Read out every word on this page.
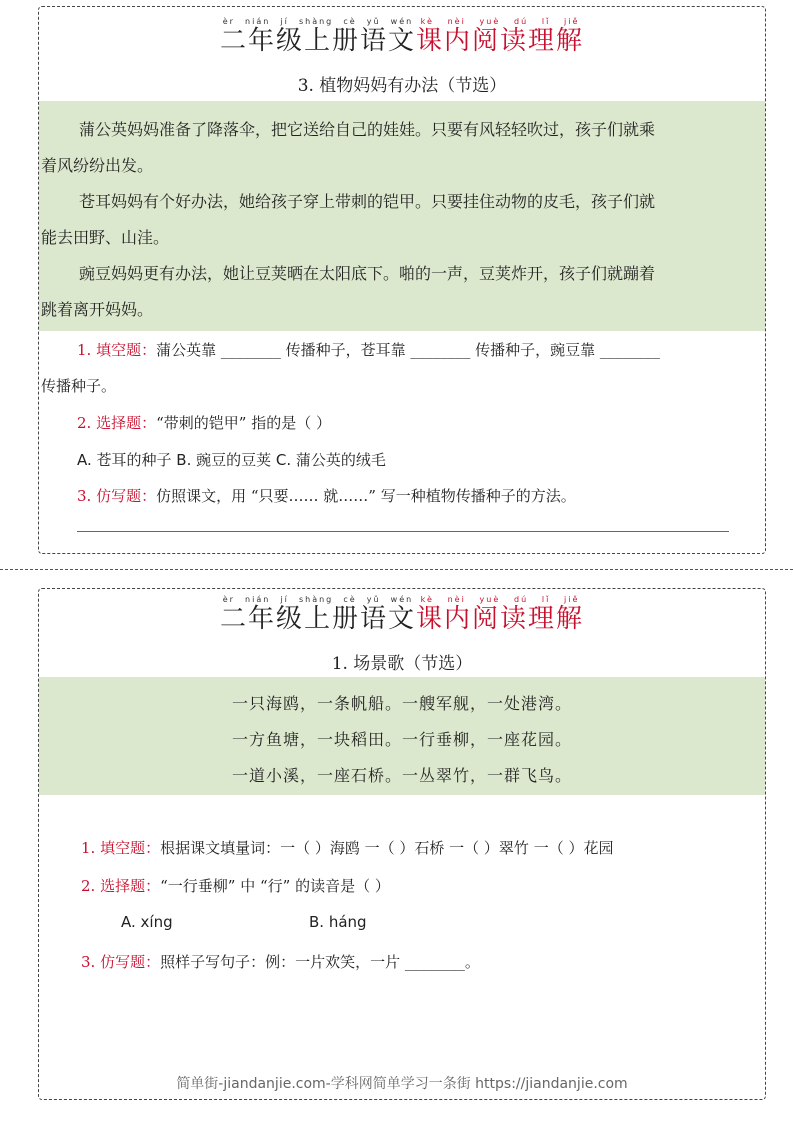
二年级上册语文èr nián jí shàng cè yǔ wén课内阅读理解kè nèi yuè dú lǐ jiě
3. 植物妈妈有办法（节选）
蒲公英妈妈准备了降落伞，把它送给自己的娃娃。只要有风轻轻吹过，孩子们就乘
着风纷纷出发。
苍耳妈妈有个好办法，她给孩子穿上带刺的铠甲。只要挂住动物的皮毛，孩子们就
能去田野、山洼。
豌豆妈妈更有办法，她让豆荚晒在太阳底下。啪的一声，豆荚炸开，孩子们就蹦着
跳着离开妈妈。
1. 填空题：蒲公英靠 ________ 传播种子，苍耳靠 ________ 传播种子，豌豆靠 ________
传播种子。
2. 选择题：“带刺的铠甲” 指的是（ ）
A. 苍耳的种子 B. 豌豆的豆荚 C. 蒲公英的绒毛
3. 仿写题：仿照课文，用 “只要…… 就……” 写一种植物传播种子的方法。
二年级上册语文èr nián jí shàng cè yǔ wén课内阅读理解kè nèi yuè dú lǐ jiě
1. 场景歌（节选）
一只海鸥，一条帆船。一艘军舰，一处港湾。
一方鱼塘，一块稻田。一行垂柳，一座花园。
一道小溪，一座石桥。一丛翠竹，一群飞鸟。
1. 填空题：根据课文填量词：一（ ）海鸥 一（ ）石桥 一（ ）翠竹 一（ ）花园
2. 选择题：“一行垂柳” 中 “行” 的读音是（ ）
A. xíng	B. háng
3. 仿写题：照样子写句子：例：一片欢笑，一片 ________。
简单街-jiandanjie.com-学科网简单学习一条街 https://jiandanjie.com
